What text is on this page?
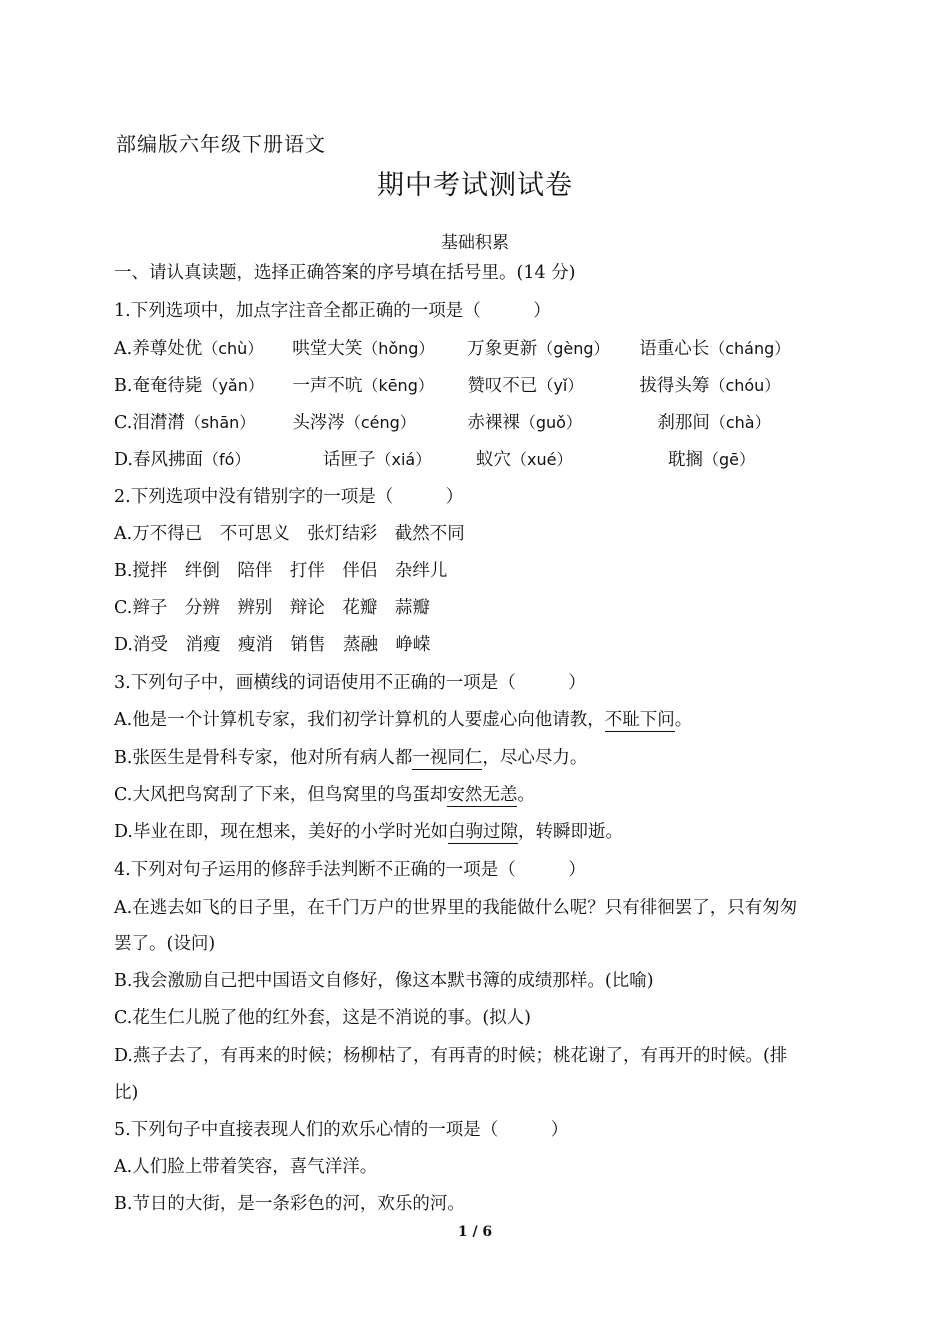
部编版六年级下册语文
期中考试测试卷
基础积累
一、请认真读题，选择正确答案的序号填在括号里。(14 分)
1.下列选项中，加点字注音全都正确的一项是（　　　）
A. 养尊处优（chù）	哄堂大笑（hǒng）	万象更新（gèng）	语重心长（cháng）
B. 奄奄待毙（yǎn）	一声不吭（kēng）	赞叹不已（yǐ）	拔得头筹（chóu）
C. 泪潸潸（shān）	头涔涔（céng）	赤裸裸（guǒ）	刹那间（chà）
D. 春风拂面（fó）	话匣子（xiá）	蚁穴（xué）	耽搁（gē）
2.下列选项中没有错别字的一项是（　　　）
A.万不得已　不可思义　张灯结彩　截然不同
B.搅拌　绊倒　陪伴　打伴　伴侣　杂绊儿
C.辫子　分辨　辨别　辩论　花瓣　蒜瓣
D.消受　消瘦　瘦消　销售　蒸融　峥嵘
3.下列句子中，画横线的词语使用不正确的一项是（　　　）
A.他是一个计算机专家，我们初学计算机的人要虚心向他请教，不耻下问。
B.张医生是骨科专家，他对所有病人都一视同仁，尽心尽力。
C.大风把鸟窝刮了下来，但鸟窝里的鸟蛋却安然无恙。
D.毕业在即，现在想来，美好的小学时光如白驹过隙，转瞬即逝。
4.下列对句子运用的修辞手法判断不正确的一项是（　　　）
A.在逃去如飞的日子里，在千门万户的世界里的我能做什么呢？只有徘徊罢了，只有匆匆
罢了。(设问)
B.我会激励自己把中国语文自修好，像这本默书簿的成绩那样。(比喻)
C.花生仁儿脱了他的红外套，这是不消说的事。(拟人)
D.燕子去了，有再来的时候；杨柳枯了，有再青的时候；桃花谢了，有再开的时候。(排
比)
5.下列句子中直接表现人们的欢乐心情的一项是（　　　）
A.人们脸上带着笑容，喜气洋洋。
B.节日的大街，是一条彩色的河，欢乐的河。
1 / 6
